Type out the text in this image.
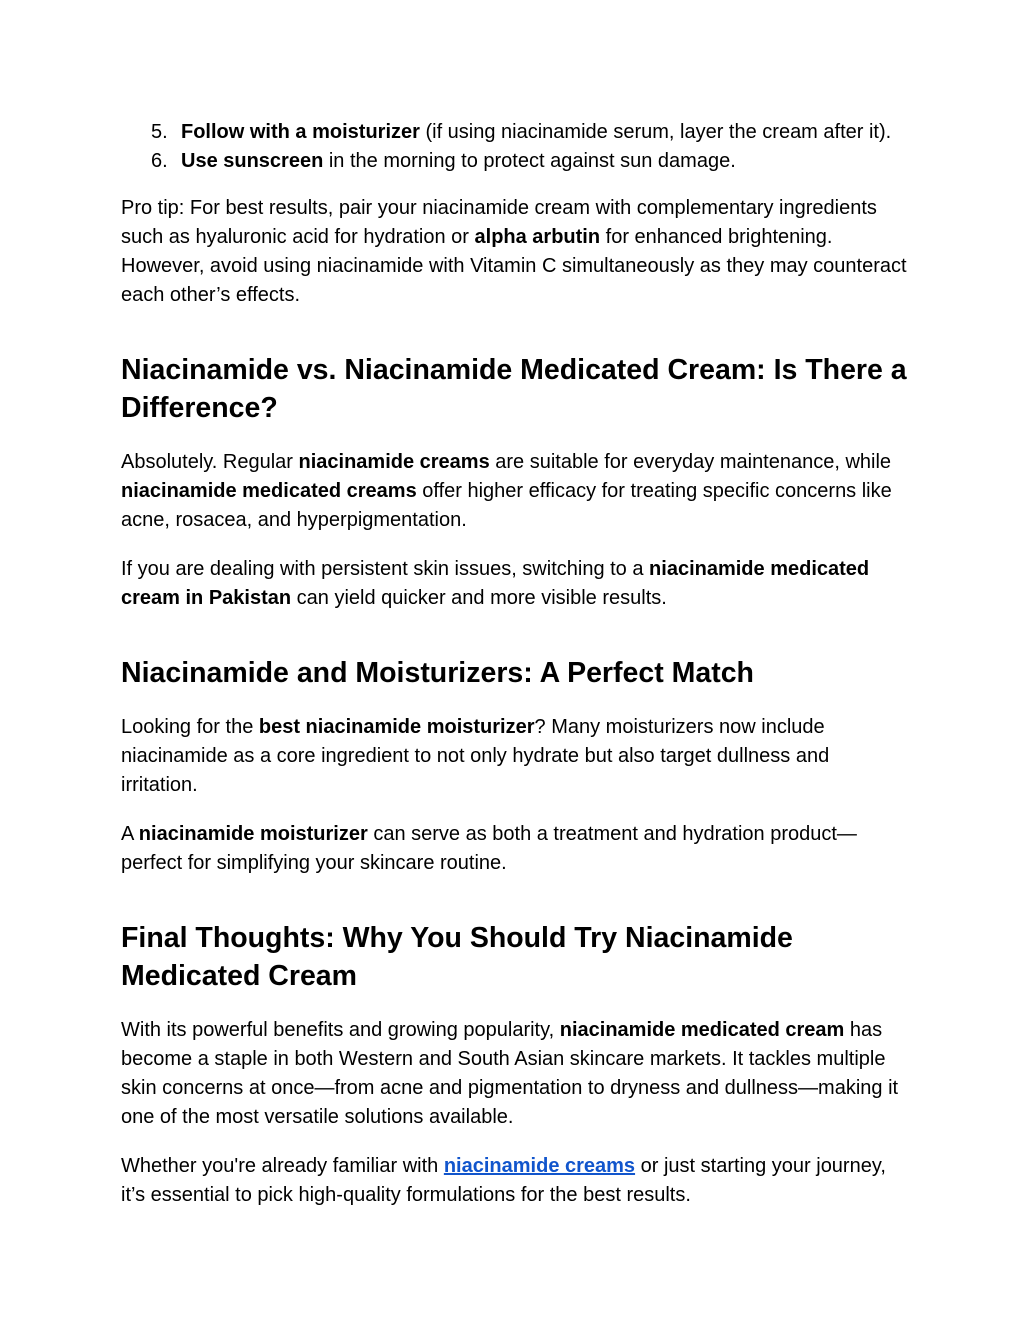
5. Follow with a moisturizer (if using niacinamide serum, layer the cream after it).
6. Use sunscreen in the morning to protect against sun damage.

Pro tip: For best results, pair your niacinamide cream with complementary ingredients such as hyaluronic acid for hydration or alpha arbutin for enhanced brightening. However, avoid using niacinamide with Vitamin C simultaneously as they may counteract each other’s effects.

Niacinamide vs. Niacinamide Medicated Cream: Is There a Difference?

Absolutely. Regular niacinamide creams are suitable for everyday maintenance, while niacinamide medicated creams offer higher efficacy for treating specific concerns like acne, rosacea, and hyperpigmentation.

If you are dealing with persistent skin issues, switching to a niacinamide medicated cream in Pakistan can yield quicker and more visible results.

Niacinamide and Moisturizers: A Perfect Match

Looking for the best niacinamide moisturizer? Many moisturizers now include niacinamide as a core ingredient to not only hydrate but also target dullness and irritation.

A niacinamide moisturizer can serve as both a treatment and hydration product—perfect for simplifying your skincare routine.

Final Thoughts: Why You Should Try Niacinamide Medicated Cream

With its powerful benefits and growing popularity, niacinamide medicated cream has become a staple in both Western and South Asian skincare markets. It tackles multiple skin concerns at once—from acne and pigmentation to dryness and dullness—making it one of the most versatile solutions available.

Whether you're already familiar with niacinamide creams or just starting your journey, it’s essential to pick high-quality formulations for the best results.
